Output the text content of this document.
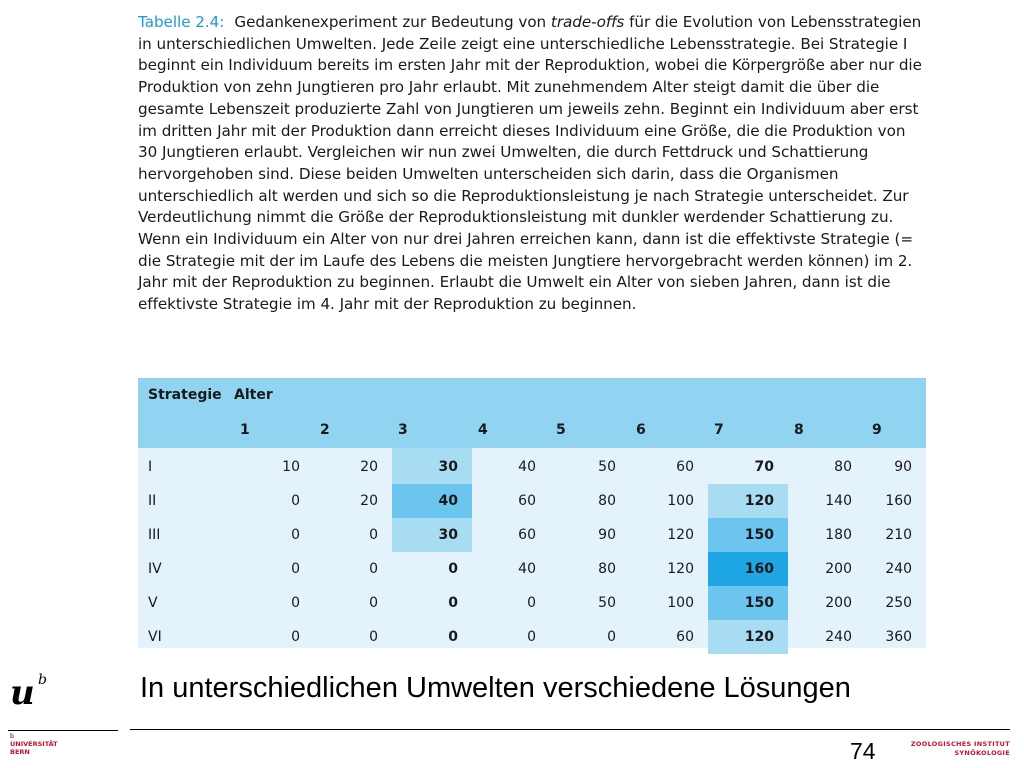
Tabelle 2.4: Gedankenexperiment zur Bedeutung von trade-offs für die Evolution von Lebensstrategien in unterschiedlichen Umwelten. Jede Zeile zeigt eine unterschiedliche Lebensstrategie. Bei Strategie I beginnt ein Individuum bereits im ersten Jahr mit der Reproduktion, wobei die Körpergröße aber nur die Produktion von zehn Jungtieren pro Jahr erlaubt. Mit zunehmendem Alter steigt damit die über die gesamte Lebenszeit produzierte Zahl von Jungtieren um jeweils zehn. Beginnt ein Individuum aber erst im dritten Jahr mit der Produktion dann erreicht dieses Individuum eine Größe, die die Produktion von 30 Jungtieren erlaubt. Vergleichen wir nun zwei Umwelten, die durch Fettdruck und Schattierung hervorgehoben sind. Diese beiden Umwelten unterscheiden sich darin, dass die Organismen unterschiedlich alt werden und sich so die Reproduktionsleistung je nach Strategie unterscheidet. Zur Verdeutlichung nimmt die Größe der Reproduktionsleistung mit dunkler werdender Schattierung zu. Wenn ein Individuum ein Alter von nur drei Jahren erreichen kann, dann ist die effektivste Strategie (= die Strategie mit der im Laufe des Lebens die meisten Jungtiere hervorgebracht werden können) im 2. Jahr mit der Reproduktion zu beginnen. Erlaubt die Umwelt ein Alter von sieben Jahren, dann ist die effektivste Strategie im 4. Jahr mit der Reproduktion zu beginnen.

Strategie	Alter								
	1	2	3	4	5	6	7	8	9
I	10	20	30	40	50	60	70	80	90
II	0	20	40	60	80	100	120	140	160
III	0	0	30	60	90	120	150	180	210
IV	0	0	0	40	80	120	160	200	240
V	0	0	0	0	50	100	150	200	250
VI	0	0	0	0	0	60	120	240	360
u b
b
UNIVERSITÄT
BERN
In unterschiedlichen Umwelten verschiedene Lösungen
74	ZOOLOGISCHES INSTITUT
SYNÖKOLOGIE
